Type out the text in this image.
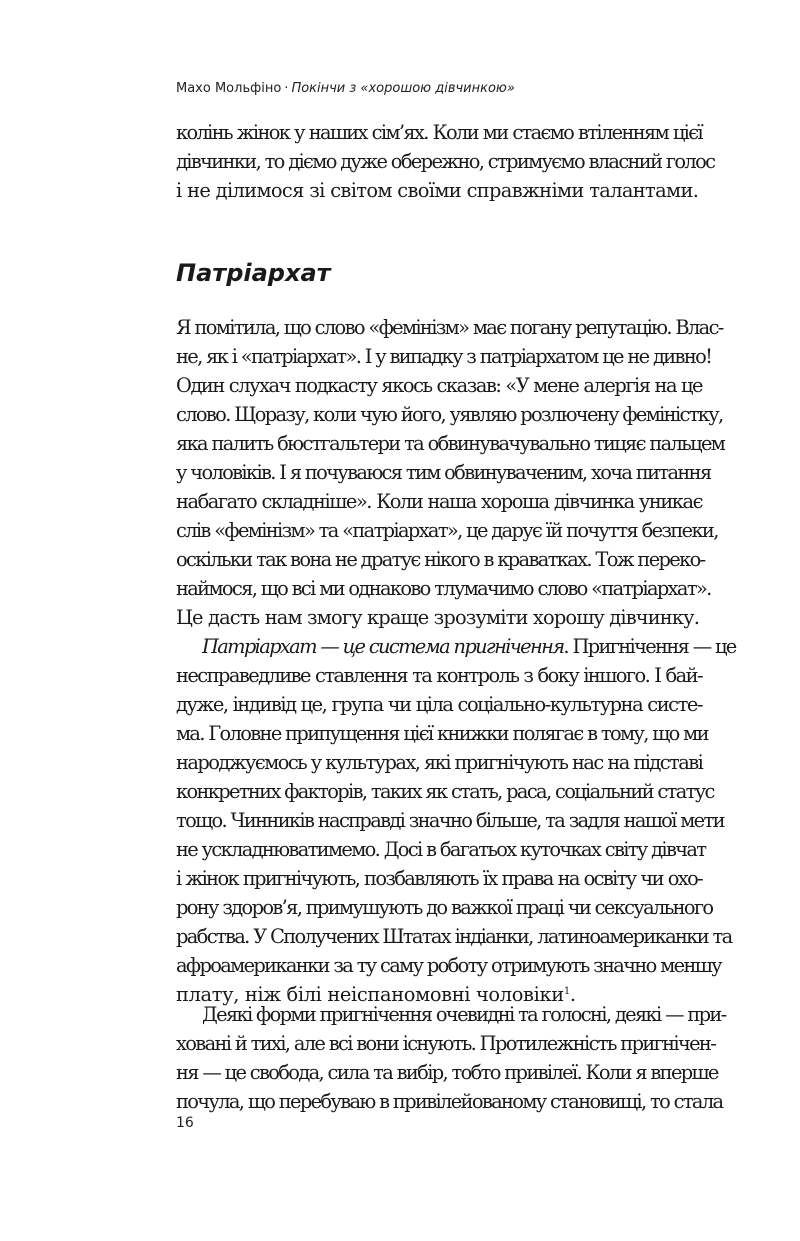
Махо Мольфіно · Покінчи з «хорошою дівчинкою»
колінь жінок у наших сім’ях. Коли ми стаємо втіленням цієї
дівчинки, то діємо дуже обережно, стримуємо власний голос
і не ділимося зі світом своїми справжніми талантами.
Патріархат
Я помітила, що слово «фемінізм» має погану репутацію. Влас-
не, як і «патріархат». І у випадку з патріархатом це не дивно!
Один слухач подкасту якось сказав: «У мене алергія на це
слово. Щоразу, коли чую його, уявляю розлючену феміністку,
яка палить бюстгальтери та обвинувачувально тицяє пальцем
у чоловіків. І я почуваюся тим обвинуваченим, хоча питання
набагато складніше». Коли наша хороша дівчинка уникає
слів «фемінізм» та «патріархат», це дарує їй почуття безпеки,
оскільки так вона не дратує нікого в краватках. Тож переко-
наймося, що всі ми однаково тлумачимо слово «патріархат».
Це дасть нам змогу краще зрозуміти хорошу дівчинку.
Патріархат — це система пригнічення. Пригнічення — це
несправедливе ставлення та контроль з боку іншого. І бай-
дуже, індивід це, група чи ціла соціально-культурна систе-
ма. Головне припущення цієї книжки полягає в тому, що ми
народжуємось у культурах, які пригнічують нас на підставі
конкретних факторів, таких як стать, раса, соціальний статус
тощо. Чинників насправді значно більше, та задля нашої мети
не ускладнюватимемо. Досі в багатьох куточках світу дівчат
і жінок пригнічують, позбавляють їх права на освіту чи охо-
рону здоров’я, примушують до важкої праці чи сексуального
рабства. У Сполучених Штатах індіанки, латиноамериканки та
афроамериканки за ту саму роботу отримують значно меншу
плату, ніж білі неіспаномовні чоловіки$^1$.
Деякі форми пригнічення очевидні та голосні, деякі — при-
ховані й тихі, але всі вони існують. Протилежність пригнічен-
ня — це свобода, сила та вибір, тобто привілеї. Коли я вперше
почула, що перебуваю в привілейованому становищі, то стала
16
